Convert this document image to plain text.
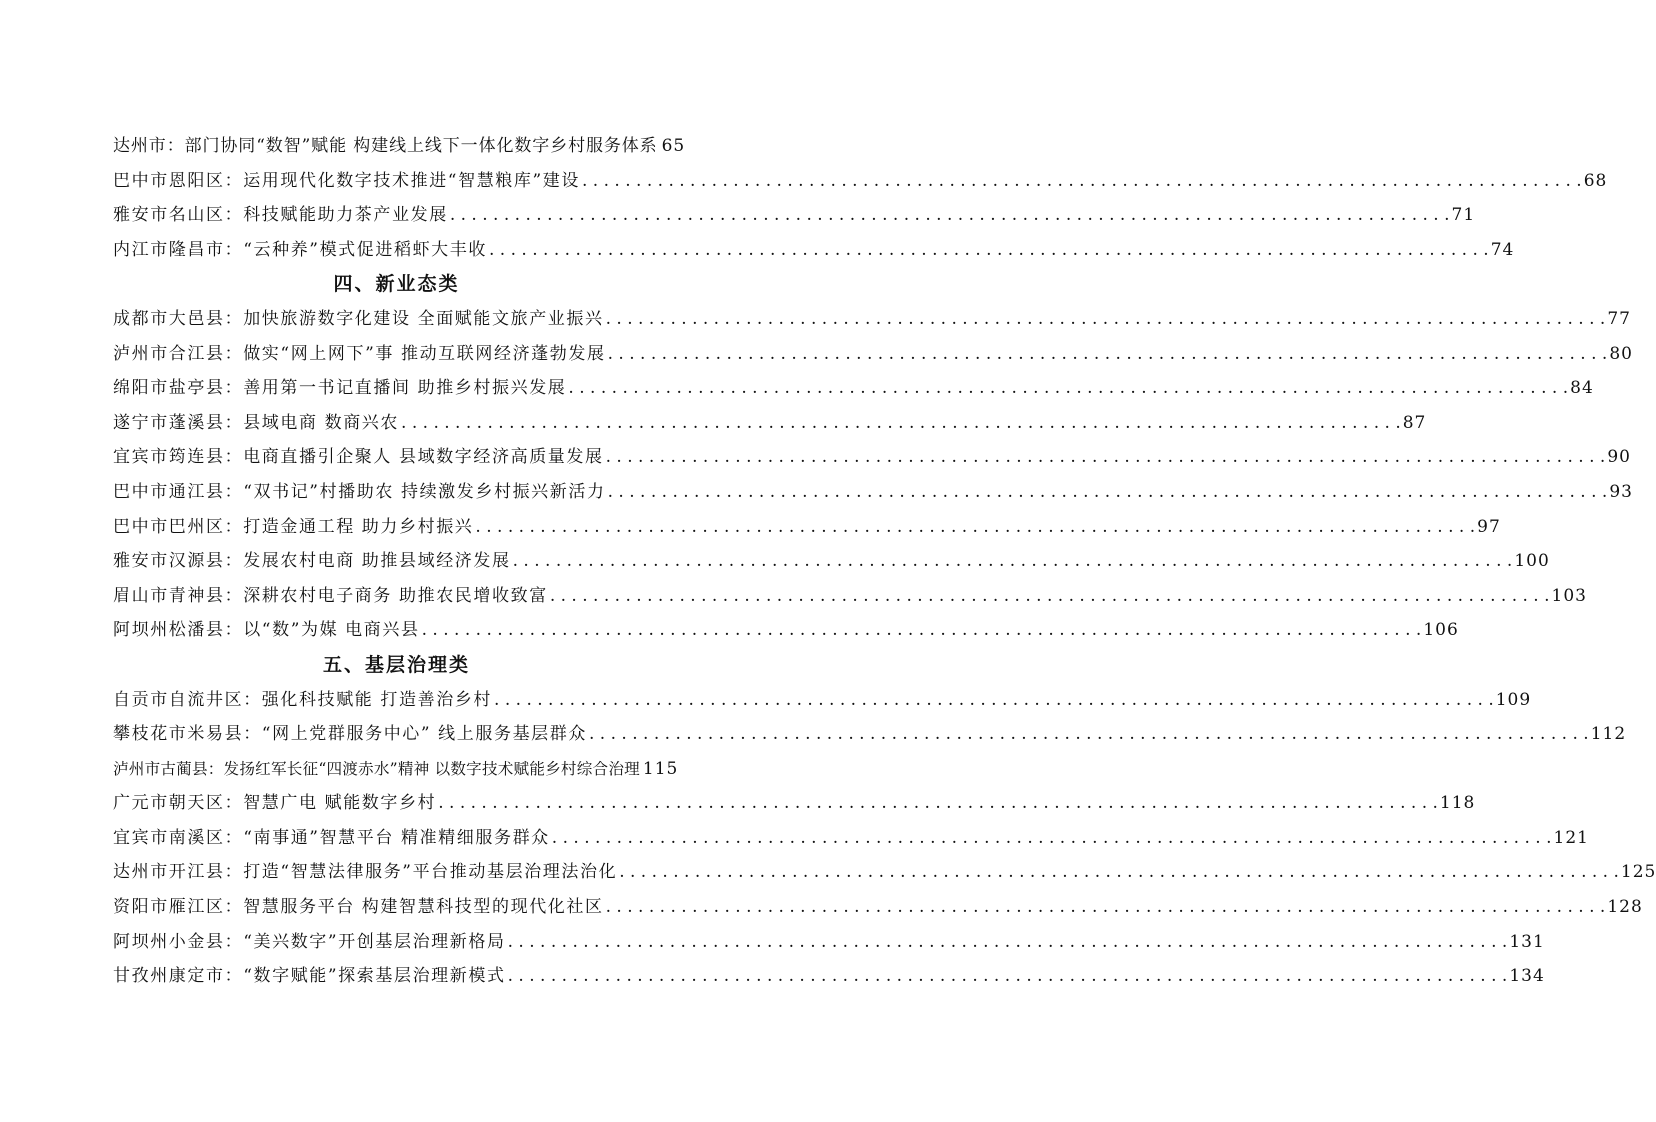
达州市：部门协同“数智”赋能 构建线上线下一体化数字乡村服务体系 65
巴中市恩阳区：运用现代化数字技术推进“智慧粮库”建设 . . .	68
雅安市名山区：科技赋能助力茶产业发展 . . .	71
内江市隆昌市：“云种养”模式促进稻虾大丰收 . . .	74
四、新业态类
成都市大邑县：加快旅游数字化建设 全面赋能文旅产业振兴 . . .	77
泸州市合江县：做实“网上网下”事 推动互联网经济蓬勃发展 . . .	80
绵阳市盐亭县：善用第一书记直播间 助推乡村振兴发展 . . .	84
遂宁市蓬溪县：县域电商 数商兴农 . . .	87
宜宾市筠连县：电商直播引企聚人 县域数字经济高质量发展 . . .	90
巴中市通江县：“双书记”村播助农 持续激发乡村振兴新活力 . . .	93
巴中市巴州区：打造金通工程 助力乡村振兴 . . .	97
雅安市汉源县：发展农村电商 助推县域经济发展 . . .	100
眉山市青神县：深耕农村电子商务 助推农民增收致富 . . .	103
阿坝州松潘县：以“数”为媒 电商兴县 . . .	106
五、基层治理类
自贡市自流井区：强化科技赋能 打造善治乡村 . . .	109
攀枝花市米易县：“网上党群服务中心” 线上服务基层群众 . . .	112
泸州市古蔺县：发扬红军长征“四渡赤水”精神 以数字技术赋能乡村综合治理 115
广元市朝天区：智慧广电 赋能数字乡村 . . .	118
宜宾市南溪区：“南事通”智慧平台 精准精细服务群众 . . .	121
达州市开江县：打造“智慧法律服务”平台推动基层治理法治化 . . .	125
资阳市雁江区：智慧服务平台 构建智慧科技型的现代化社区 . . .	128
阿坝州小金县：“美兴数字”开创基层治理新格局 . . .	131
甘孜州康定市：“数字赋能”探索基层治理新模式 . . .	134
